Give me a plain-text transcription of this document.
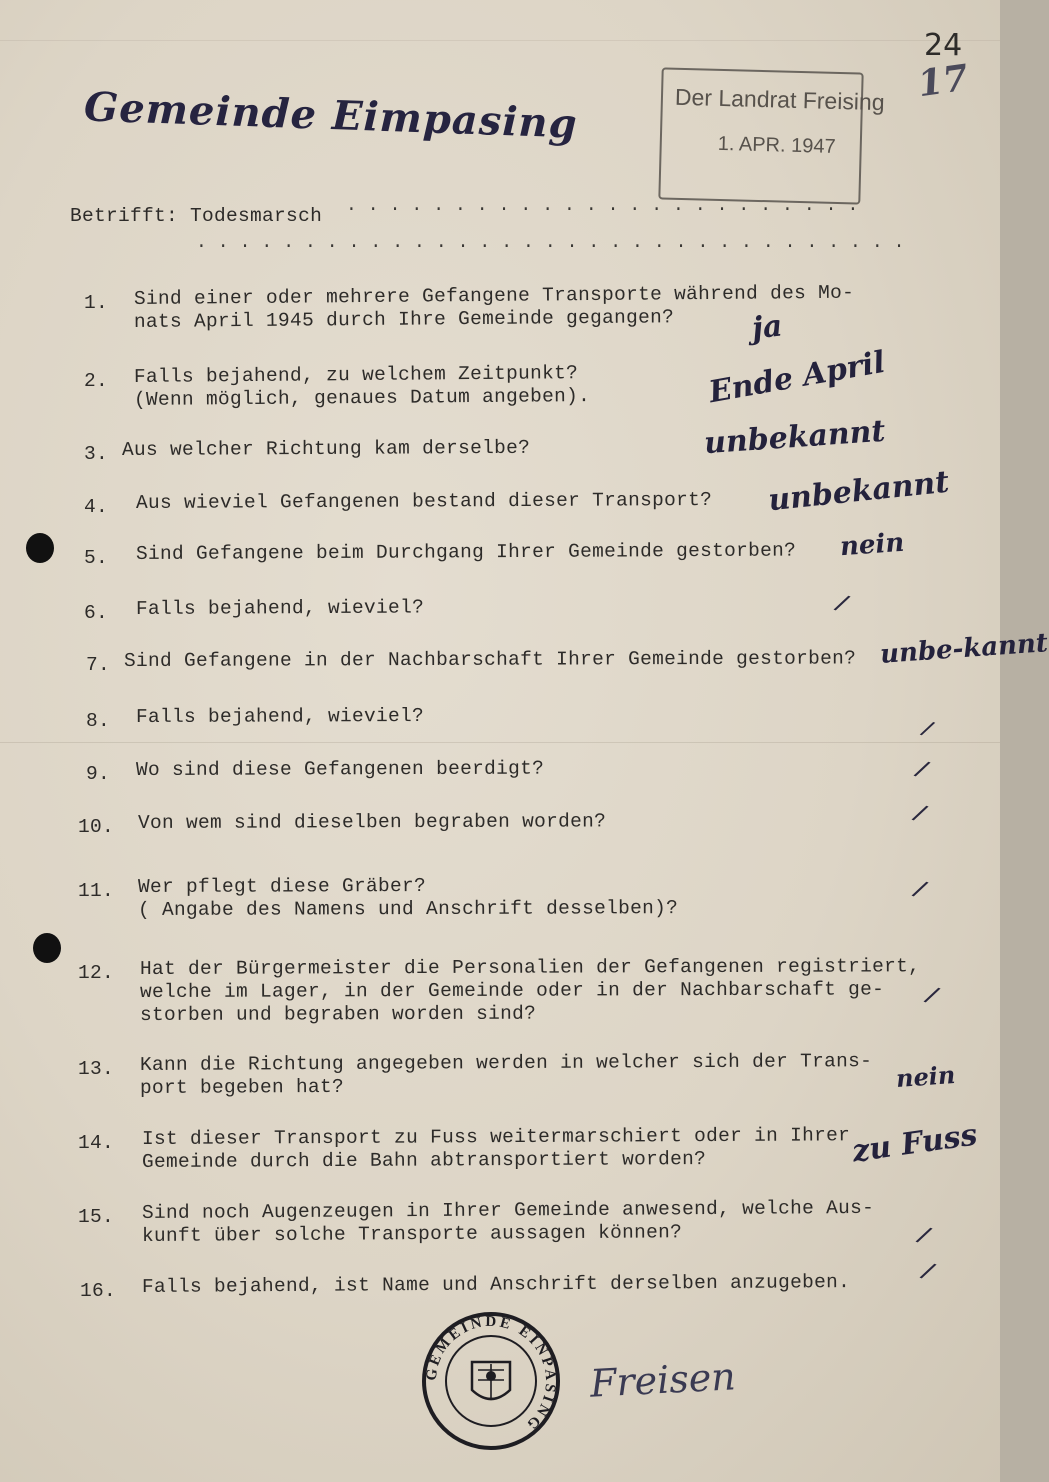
24
17
Gemeinde Eimpasing	Der Landrat Freising
1. APR. 1947
Betrifft: Todesmarsch ························
·································
1.	Sind einer oder mehrere Gefangene Transporte während des Mo-
nats April 1945 durch Ihre Gemeinde gegangen?	ja
2.	Falls bejahend, zu welchem Zeitpunkt?
(Wenn möglich, genaues Datum angeben).	Ende April
3. Aus welcher Richtung kam derselbe?	unbekannt
4.	Aus wieviel Gefangenen bestand dieser Transport? unbekannt
5.	Sind Gefangene beim Durchgang Ihrer Gemeinde gestorben? nein
6.	Falls bejahend, wieviel?	/
7. Sind Gefangene in der Nachbarschaft Ihrer Gemeinde gestorben? unbe-kannt
8.	Falls bejahend, wieviel?	/
9.	Wo sind diese Gefangenen beerdigt?	/
10. Von wem sind dieselben begraben worden?	/
11. Wer pflegt diese Gräber?
( Angabe des Namens und Anschrift desselben)?
/
12. Hat der Bürgermeister die Personalien der Gefangenen registriert,
welche im Lager, in der Gemeinde oder in der Nachbarschaft ge-
storben und begraben worden sind?
/
13. Kann die Richtung angegeben werden in welcher sich der Trans-
port begeben hat?	nein
14. Ist dieser Transport zu Fuss weitermarschiert oder in Ihrer
Gemeinde durch die Bahn abtransportiert worden?	zu Fuss
15. Sind noch Augenzeugen in Ihrer Gemeinde anwesend, welche Aus-
kunft über solche Transporte aussagen können?	/
16. Falls bejahend, ist Name und Anschrift derselben anzugeben.	/
GEMEINDE EINPASING
Freisen
